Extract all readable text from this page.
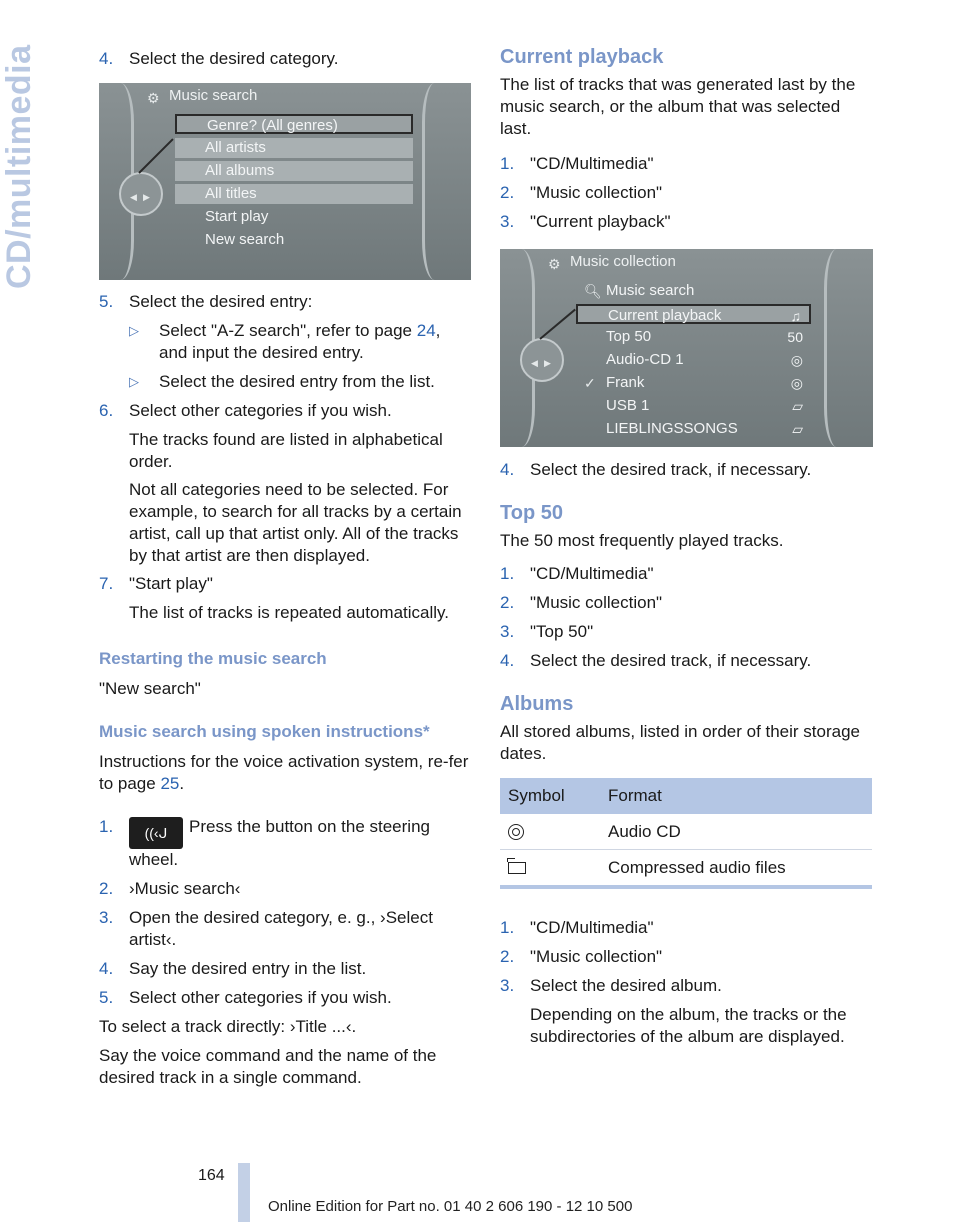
CD/multimedia	4. Select the desired category.
◀ ▶
⚙ Music search
Genre? (All genres)
All artists
All albums
All titles
Start play
New search
5. Select the desired entry:
▷ Select "A-Z search", refer to page 24, and input the desired entry.
▷ Select the desired entry from the list.
6. Select other categories if you wish.
The tracks found are listed in alphabetical order.
Not all categories need to be selected. For example, to search for all tracks by a certain artist, call up that artist only. All of the tracks by that artist are then displayed.
7. "Start play"
The list of tracks is repeated automatically.
Restarting the music search
"New search"
Music search using spoken instructions*
Instructions for the voice activation system, re-fer to page 25.
1. ((‹ᒍ Press the button on the steering wheel.
2. ›Music search‹
3. Open the desired category, e. g., ›Select artist‹.
4. Say the desired entry in the list.
5. Select other categories if you wish.
To select a track directly: ›Title ...‹.
Say the voice command and the name of the desired track in a single command.
Current playback
The list of tracks that was generated last by the music search, or the album that was selected last.
1. "CD/Multimedia"
2. "Music collection"
3. "Current playback"
◀ ▶
⚙ Music collection
🔍︎ Music search
Current playback	♫
Top 50	50
Audio-CD 1	◎
✓ Frank	◎
USB 1	▱
LIEBLINGSSONGS	▱
4. Select the desired track, if necessary.
Top 50
The 50 most frequently played tracks.
1. "CD/Multimedia"
2. "Music collection"
3. "Top 50"
4. Select the desired track, if necessary.
Albums
All stored albums, listed in order of their storage dates.
Symbol	Format
	Audio CD
	Compressed audio files
1. "CD/Multimedia"
2. "Music collection"
3. Select the desired album.
Depending on the album, the tracks or the subdirectories of the album are displayed.
164
Online Edition for Part no. 01 40 2 606 190 - 12 10 500
